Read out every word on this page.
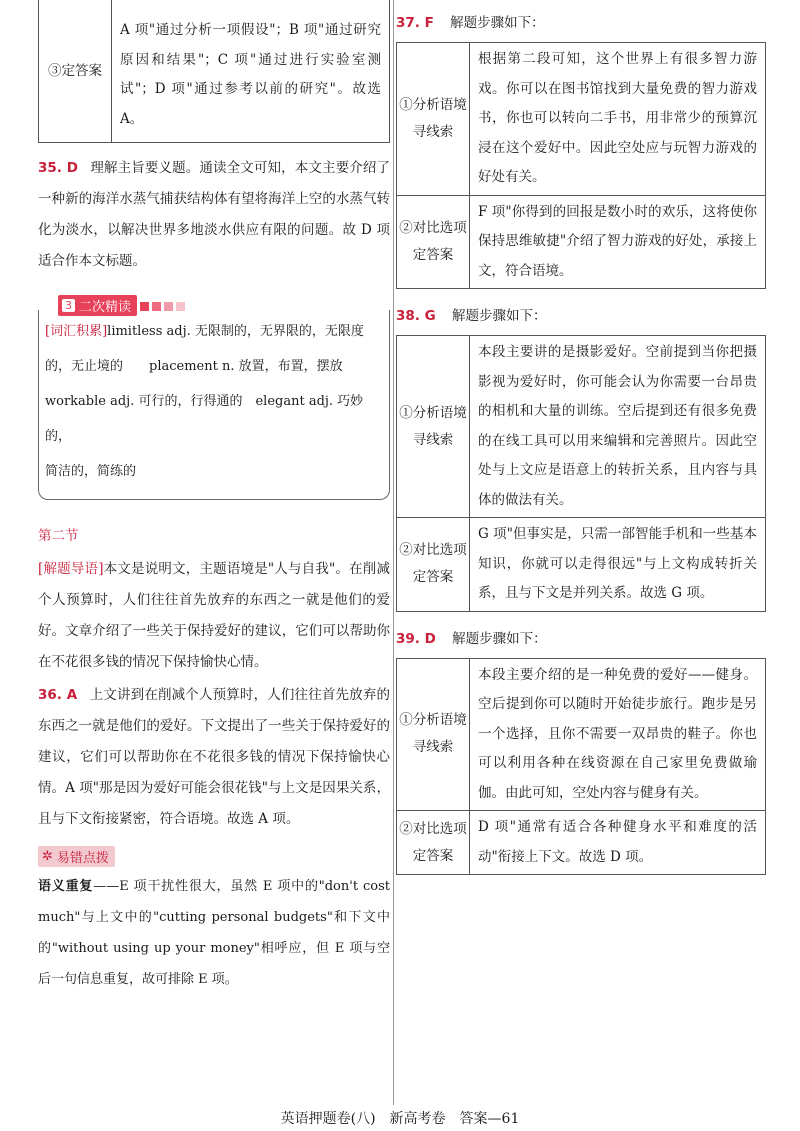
③定答案	A 项"通过分析一项假设"；B 项"通过研究原因和结果"；C 项"通过进行实验室测试"；D 项"通过参考以前的研究"。故选 A。

35. D 理解主旨要义题。通读全文可知，本文主要介绍了一种新的海洋水蒸气捕获结构体有望将海洋上空的水蒸气转化为淡水，以解决世界多地淡水供应有限的问题。故 D 项适合作本文标题。

3 二次精读
[词汇积累]limitless adj. 无限制的，无界限的，无限度
的，无止境的　　placement n. 放置，布置，摆放
workable adj. 可行的，行得通的　elegant adj. 巧妙的，
简洁的，简练的
第二节

[解题导语]本文是说明文，主题语境是"人与自我"。在削减个人预算时，人们往往首先放弃的东西之一就是他们的爱好。文章介绍了一些关于保持爱好的建议，它们可以帮助你在不花很多钱的情况下保持愉快心情。

36. A 上文讲到在削减个人预算时，人们往往首先放弃的东西之一就是他们的爱好。下文提出了一些关于保持爱好的建议，它们可以帮助你在不花很多钱的情况下保持愉快心情。A 项"那是因为爱好可能会很花钱"与上文是因果关系，且与下文衔接紧密，符合语境。故选 A 项。

✲ 易错点拨

语义重复——E 项干扰性很大，虽然 E 项中的"don't cost much"与上文中的"cutting personal budgets"和下文中的"without using up your money"相呼应，但 E 项与空后一句信息重复，故可排除 E 项。

37. F 解题步骤如下：
①分析语境寻线索	根据第二段可知，这个世界上有很多智力游戏。你可以在图书馆找到大量免费的智力游戏书，你也可以转向二手书，用非常少的预算沉浸在这个爱好中。因此空处应与玩智力游戏的好处有关。
②对比选项定答案	F 项"你得到的回报是数小时的欢乐，这将使你保持思维敏捷"介绍了智力游戏的好处，承接上文，符合语境。
38. G 解题步骤如下：
①分析语境寻线索	本段主要讲的是摄影爱好。空前提到当你把摄影视为爱好时，你可能会认为你需要一台昂贵的相机和大量的训练。空后提到还有很多免费的在线工具可以用来编辑和完善照片。因此空处与上文应是语意上的转折关系，且内容与具体的做法有关。
②对比选项定答案	G 项"但事实是，只需一部智能手机和一些基本知识，你就可以走得很远"与上文构成转折关系，且与下文是并列关系。故选 G 项。
39. D 解题步骤如下：
①分析语境寻线索	本段主要介绍的是一种免费的爱好——健身。空后提到你可以随时开始徒步旅行。跑步是另一个选择，且你不需要一双昂贵的鞋子。你也可以利用各种在线资源在自己家里免费做瑜伽。由此可知，空处内容与健身有关。
②对比选项定答案	D 项"通常有适合各种健身水平和难度的活动"衔接上下文。故选 D 项。
英语押题卷(八)　新高考卷　答案—61
